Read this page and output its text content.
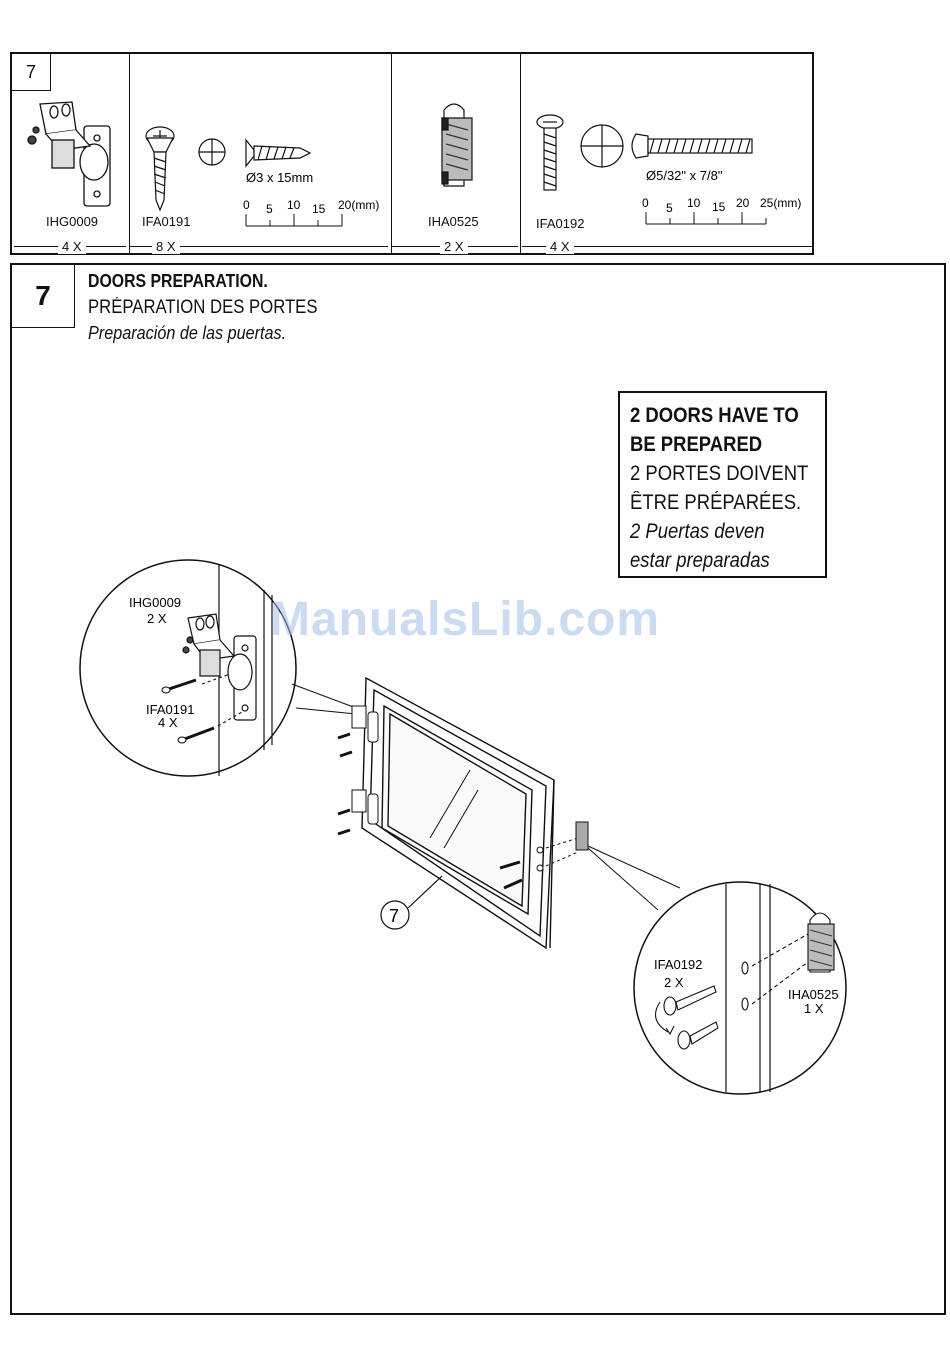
7
Ø3 x 15mm
0 5 10 15 20(mm)
Ø5/32" x 7/8"
0 5 10 15 20 25(mm)
IHG0009	IFA0191	IHA0525	IFA0192
4 X	8 X	2 X	4 X
7	DOORS PREPARATION.
PRÉPARATION DES PORTES
Preparación de las puertas.
2 DOORS HAVE TO
BE PREPARED
2 PORTES DOIVENT
ÊTRE PRÉPARÉES.
2 Puertas deven
estar preparadas
IHG0009
2 X
IFA0191
4 X
7
IFA0192
2 X
IHA0525
1 X
ManualsLib.com
